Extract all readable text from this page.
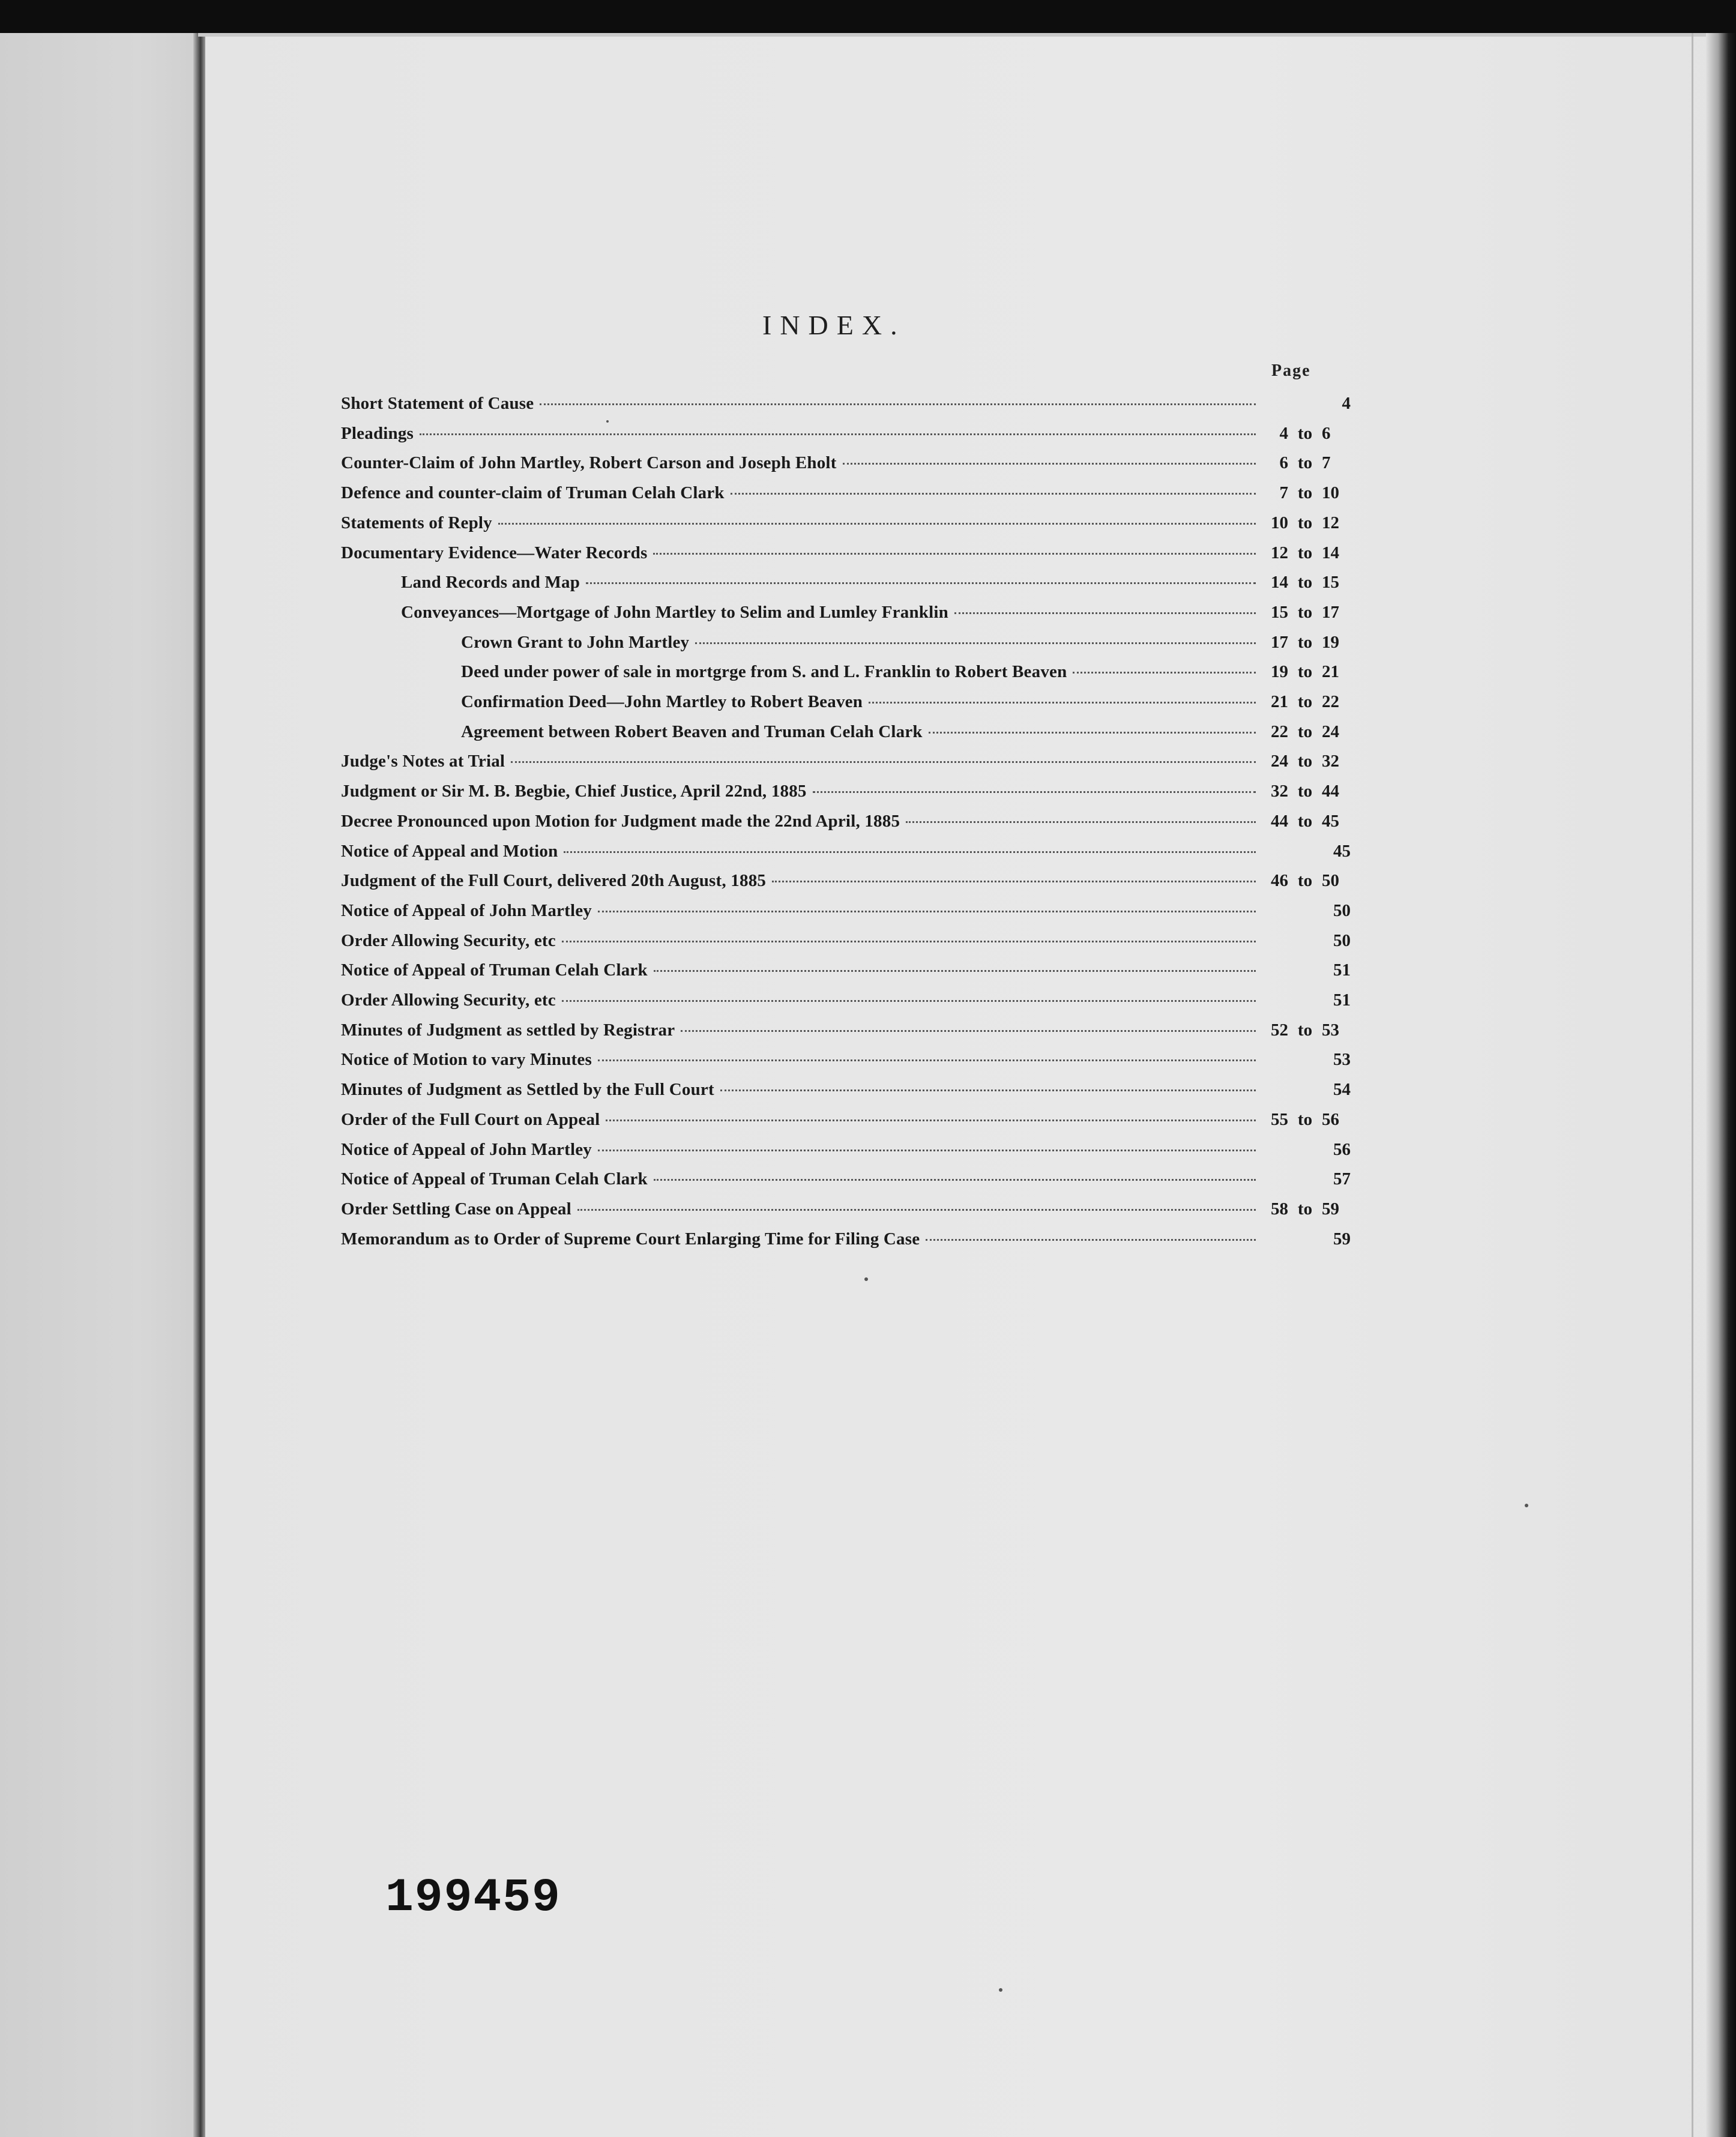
INDEX.
Page
Short Statement of Cause	4
Pleadings	4 to 6
Counter-Claim of John Martley, Robert Carson and Joseph Eholt	6 to 7
Defence and counter-claim of Truman Celah Clark	7 to 10
Statements of Reply	10 to 12
Documentary Evidence—Water Records	12 to 14
Land Records and Map	14 to 15
Conveyances—Mortgage of John Martley to Selim and Lumley Franklin	15 to 17
Crown Grant to John Martley	17 to 19
Deed under power of sale in mortgrge from S. and L. Franklin to Robert Beaven	19 to 21
Confirmation Deed—John Martley to Robert Beaven	21 to 22
Agreement between Robert Beaven and Truman Celah Clark	22 to 24
Judge's Notes at Trial	24 to 32
Judgment or Sir M. B. Begbie, Chief Justice, April 22nd, 1885	32 to 44
Decree Pronounced upon Motion for Judgment made the 22nd April, 1885	44 to 45
Notice of Appeal and Motion	45
Judgment of the Full Court, delivered 20th August, 1885	46 to 50
Notice of Appeal of John Martley	50
Order Allowing Security, etc	50
Notice of Appeal of Truman Celah Clark	51
Order Allowing Security, etc	51
Minutes of Judgment as settled by Registrar	52 to 53
Notice of Motion to vary Minutes	53
Minutes of Judgment as Settled by the Full Court	54
Order of the Full Court on Appeal	55 to 56
Notice of Appeal of John Martley	56
Notice of Appeal of Truman Celah Clark	57
Order Settling Case on Appeal	58 to 59
Memorandum as to Order of Supreme Court Enlarging Time for Filing Case	59
199459
